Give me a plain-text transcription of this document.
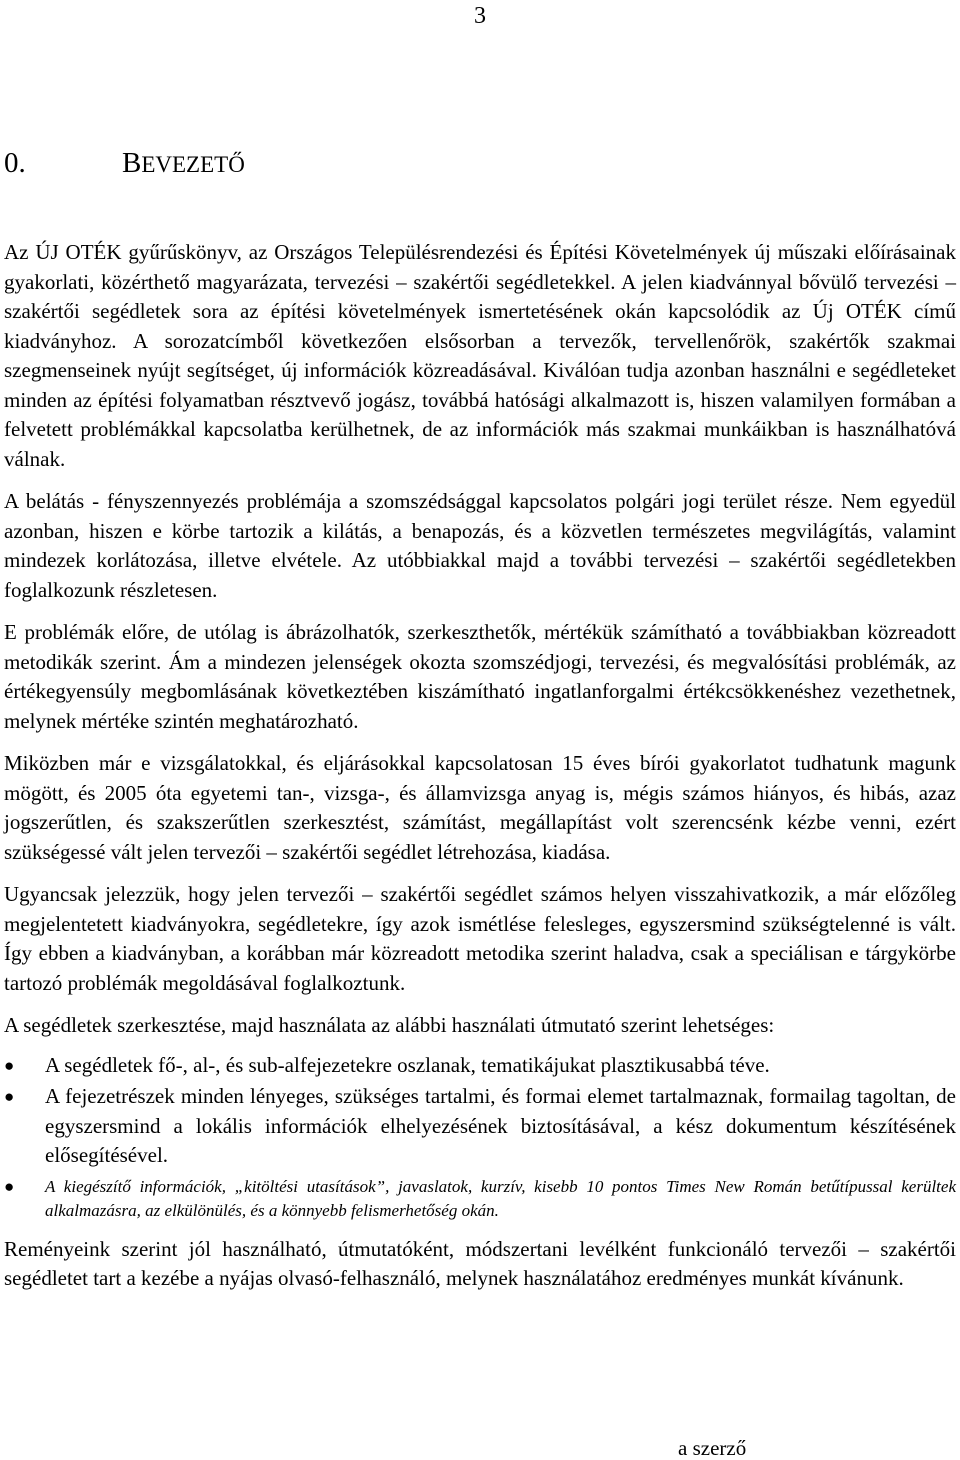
3
0.	BEVEZETŐ

Az ÚJ OTÉK gyűrűskönyv, az Országos Településrendezési és Építési Követelmények új műszaki előírásainak gyakorlati, közérthető magyarázata, tervezési – szakértői segédletekkel. A jelen kiadvánnyal bővülő tervezési – szakértői segédletek sora az építési követelmények ismertetésének okán kapcsolódik az Új OTÉK című kiadványhoz. A sorozatcímből következően elsősorban a tervezők, tervellenőrök, szakértők szakmai szegmenseinek nyújt segítséget, új információk közreadásával. Kiválóan tudja azonban használni e segédleteket minden az építési folyamatban résztvevő jogász, továbbá hatósági alkalmazott is, hiszen valamilyen formában a felvetett problémákkal kapcsolatba kerülhetnek, de az információk más szakmai munkáikban is használhatóvá válnak.

A belátás - fényszennyezés problémája a szomszédsággal kapcsolatos polgári jogi terület része. Nem egyedül azonban, hiszen e körbe tartozik a kilátás, a benapozás, és a közvetlen természetes megvilágítás, valamint mindezek korlátozása, illetve elvétele. Az utóbbiakkal majd a további tervezési – szakértői segédletekben foglalkozunk részletesen.

E problémák előre, de utólag is ábrázolhatók, szerkeszthetők, mértékük számítható a továbbiakban közreadott metodikák szerint. Ám a mindezen jelenségek okozta szomszédjogi, tervezési, és megvalósítási problémák, az értékegyensúly megbomlásának következtében kiszámítható ingatlanforgalmi értékcsökkenéshez vezethetnek, melynek mértéke szintén meghatározható.

Miközben már e vizsgálatokkal, és eljárásokkal kapcsolatosan 15 éves bírói gyakorlatot tudhatunk magunk mögött, és 2005 óta egyetemi tan-, vizsga-, és államvizsga anyag is, mégis számos hiányos, és hibás, azaz jogszerűtlen, és szakszerűtlen szerkesztést, számítást, megállapítást volt szerencsénk kézbe venni, ezért szükségessé vált jelen tervezői – szakértői segédlet létrehozása, kiadása.

Ugyancsak jelezzük, hogy jelen tervezői – szakértői segédlet számos helyen visszahivatkozik, a már előzőleg megjelentetett kiadványokra, segédletekre, így azok ismétlése felesleges, egyszersmind szükségtelenné is vált. Így ebben a kiadványban, a korábban már közreadott metodika szerint haladva, csak a speciálisan e tárgykörbe tartozó problémák megoldásával foglalkoztunk.

A segédletek szerkesztése, majd használata az alábbi használati útmutató szerint lehetséges:

●	A segédletek fő-, al-, és sub-alfejezetekre oszlanak, tematikájukat plasztikusabbá téve.
●	A fejezetrészek minden lényeges, szükséges tartalmi, és formai elemet tartalmaznak, formailag tagoltan, de egyszersmind a lokális információk elhelyezésének biztosításával, a kész dokumentum készítésének elősegítésével.
●	A kiegészítő információk, „kitöltési utasítások”, javaslatok, kurzív, kisebb 10 pontos Times New Román betűtípussal kerültek alkalmazásra, az elkülönülés, és a könnyebb felismerhetőség okán.

Reményeink szerint jól használható, útmutatóként, módszertani levélként funkcionáló tervezői – szakértői segédletet tart a kezébe a nyájas olvasó-felhasználó, melynek használatához eredményes munkát kívánunk.

a szerző
